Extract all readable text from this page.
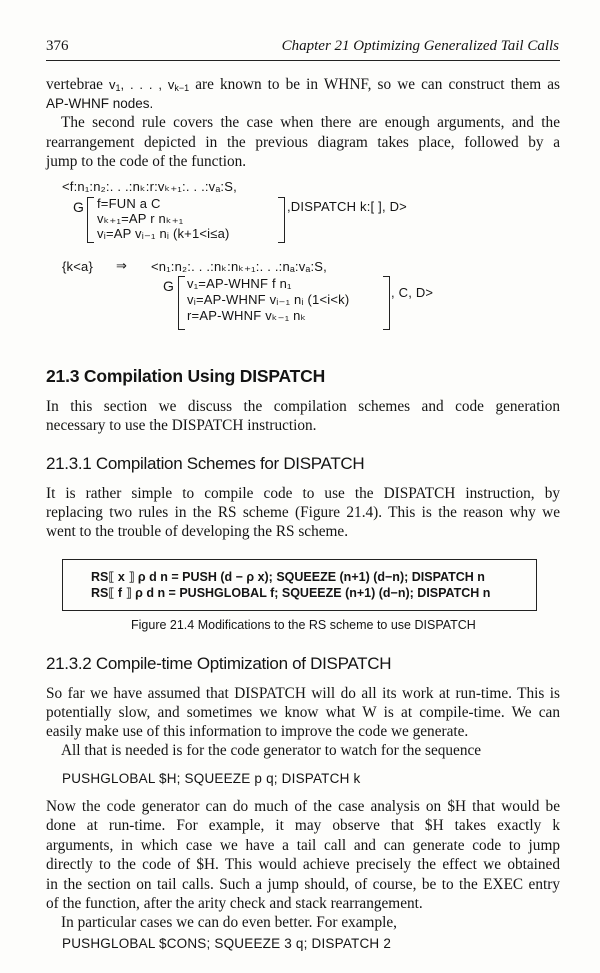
376	Chapter 21 Optimizing Generalized Tail Calls
vertebrae $v_1$, . . . , $v_{k-1}$ are known to be in WHNF, so we can construct them as
AP-WHNF nodes.
The second rule covers the case when there are enough arguments, and the
rearrangement depicted in the previous diagram takes place, followed by a
jump to the code of the function.
<f:n₁:n₂:. . .:nₖ:r:vₖ₊₁:. . .:vₐ:S,
G f=FUN a C
vₖ₊₁=AP r nₖ₊₁
vᵢ=AP vᵢ₋₁ nᵢ (k+1<i≤a)
,DISPATCH k:[ ], D>
{k<a} ⇒ <n₁:n₂:. . .:nₖ:nₖ₊₁:. . .:nₐ:vₐ:S,
G v₁=AP-WHNF f n₁
vᵢ=AP-WHNF vᵢ₋₁ nᵢ (1<i<k)
r=AP-WHNF vₖ₋₁ nₖ
, C, D>
21.3 Compilation Using DISPATCH
In this section we discuss the compilation schemes and code generation
necessary to use the DISPATCH instruction.
21.3.1 Compilation Schemes for DISPATCH
It is rather simple to compile code to use the DISPATCH instruction, by
replacing two rules in the RS scheme (Figure 21.4). This is the reason why we
went to the trouble of developing the RS scheme.
RS⟦ x ⟧ ρ d n = PUSH (d − ρ x); SQUEEZE (n+1) (d−n); DISPATCH n
RS⟦ f ⟧ ρ d n = PUSHGLOBAL f; SQUEEZE (n+1) (d−n); DISPATCH n
Figure 21.4 Modifications to the RS scheme to use DISPATCH
21.3.2 Compile-time Optimization of DISPATCH
So far we have assumed that DISPATCH will do all its work at run-time. This is
potentially slow, and sometimes we know what W is at compile-time. We can
easily make use of this information to improve the code we generate.
All that is needed is for the code generator to watch for the sequence
PUSHGLOBAL $H; SQUEEZE p q; DISPATCH k
Now the code generator can do much of the case analysis on $H that would be
done at run-time. For example, it may observe that $H takes exactly k
arguments, in which case we have a tail call and can generate code to jump
directly to the code of $H. This would achieve precisely the effect we obtained
in the section on tail calls. Such a jump should, of course, be to the EXEC entry
of the function, after the arity check and stack rearrangement.
In particular cases we can do even better. For example,
PUSHGLOBAL $CONS; SQUEEZE 3 q; DISPATCH 2
